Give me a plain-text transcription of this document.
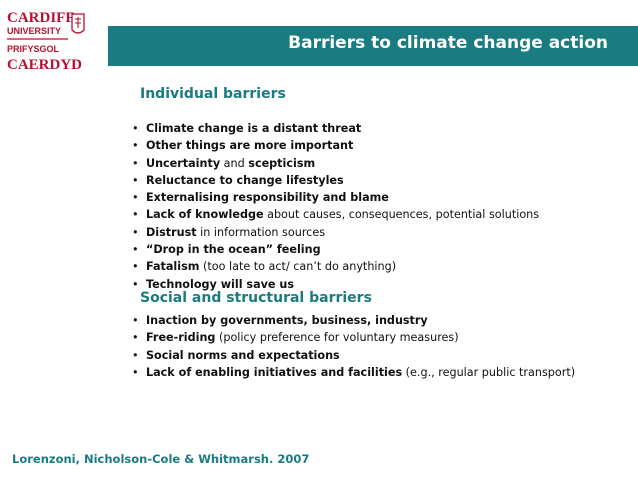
CARDIFF
UNIVERSITY
PRIFYSGOL
CAERDYD
Barriers to climate change action
Individual barriers
• Climate change is a distant threat
• Other things are more important
• Uncertainty and scepticism
• Reluctance to change lifestyles
• Externalising responsibility and blame
• Lack of knowledge about causes, consequences, potential solutions
• Distrust in information sources
• “Drop in the ocean” feeling
• Fatalism (too late to act/ can’t do anything)
• Technology will save us
Social and structural barriers
• Inaction by governments, business, industry
• Free-riding (policy preference for voluntary measures)
• Social norms and expectations
• Lack of enabling initiatives and facilities (e.g., regular public transport)
Lorenzoni, Nicholson-Cole & Whitmarsh. 2007
